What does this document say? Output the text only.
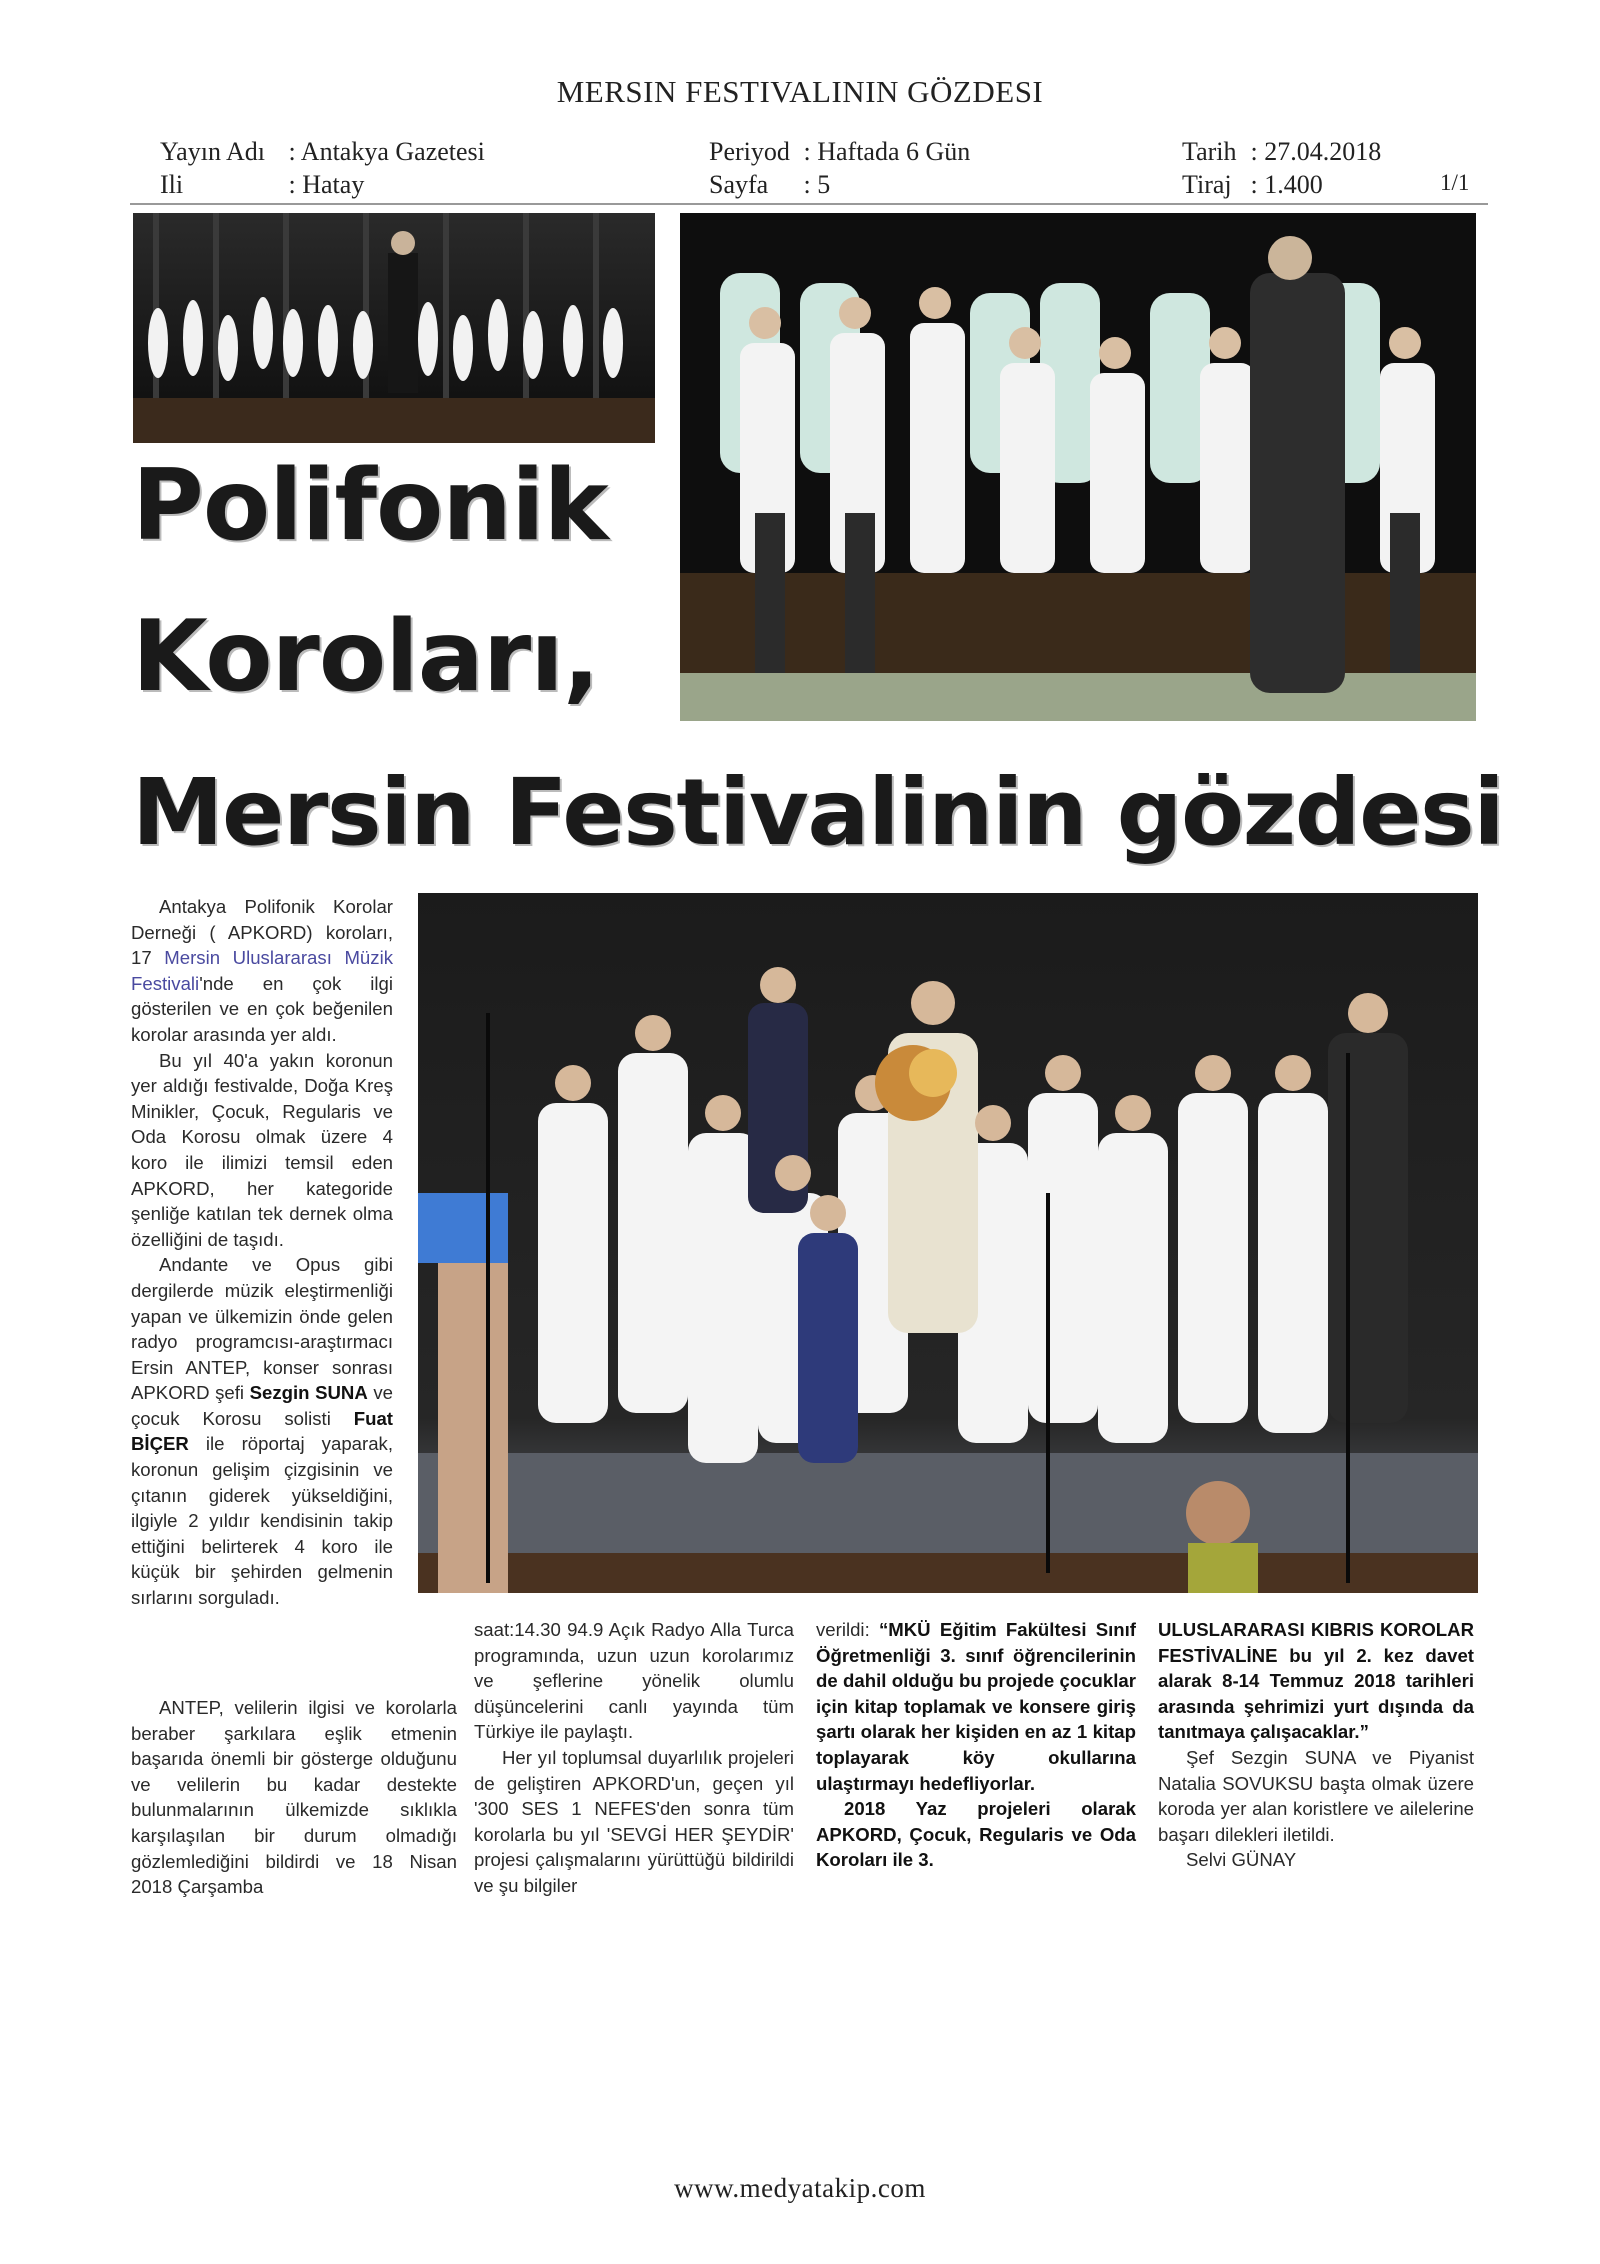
MERSIN FESTIVALININ GÖZDESI
Yayın Adı : Antakya Gazetesi
Ili	: Hatay
Periyod : Haftada 6 Gün
Sayfa : 5
Tarih : 27.04.2018
Tiraj : 1.400	1/1
Polifonik
Koroları,
Mersin Festivalinin gözdesi

Antakya Polifonik Korolar Derneği ( APKORD) koroları, 17 Mersin Uluslararası Müzik Festivali'nde en çok ilgi gösterilen ve en çok beğenilen korolar arasında yer aldı.

Bu yıl 40'a yakın koronun yer aldığı festivalde, Doğa Kreş Minikler, Çocuk, Regularis ve Oda Korosu olmak üzere 4 koro ile ilimizi temsil eden APKORD, her kategoride şenliğe katılan tek dernek olma özelliğini de taşıdı.

Andante ve Opus gibi dergilerde müzik eleştirmenliği yapan ve ülkemizin önde gelen radyo programcısı-araştırmacı Ersin ANTEP, konser sonrası APKORD şefi Sezgin SUNA ve çocuk Korosu solisti Fuat BİÇER ile röportaj yaparak, koronun gelişim çizgisinin ve çıtanın giderek yükseldiğini, ilgiyle 2 yıldır kendisinin takip ettiğini belirterek 4 koro ile küçük bir şehirden gelmenin sırlarını sorguladı.

ANTEP, velilerin ilgisi ve korolarla beraber şarkılara eşlik etmenin başarıda önemli bir gösterge olduğunu ve velilerin bu kadar destekte bulunmalarının ülkemizde sıklıkla karşılaşılan bir durum olmadığı gözlemlediğini bildirdi ve 18 Nisan 2018 Çarşamba

saat:14.30 94.9 Açık Radyo Alla Turca programında, uzun uzun korolarımız ve şeflerine yönelik olumlu düşüncelerini canlı yayında tüm Türkiye ile paylaştı.

Her yıl toplumsal duyarlılık projeleri de geliştiren APKORD'un, geçen yıl '300 SES 1 NEFES'den sonra tüm korolarla bu yıl 'SEVGİ HER ŞEYDİR' projesi çalışmalarını yürüttüğü bildirildi ve şu bilgiler

verildi: “MKÜ Eğitim Fakültesi Sınıf Öğretmenliği 3. sınıf öğrencilerinin de dahil olduğu bu projede çocuklar için kitap toplamak ve konsere giriş şartı olarak her kişiden en az 1 kitap toplayarak köy okullarına ulaştırmayı hedefliyorlar.

2018 Yaz projeleri olarak APKORD, Çocuk, Regularis ve Oda Koroları ile 3.

ULUSLARARASI KIBRIS KOROLAR FESTİVALİNE bu yıl 2. kez davet alarak 8-14 Temmuz 2018 tarihleri arasında şehrimizi yurt dışında da tanıtmaya çalışacaklar.”

Şef Sezgin SUNA ve Piyanist Natalia SOVUKSU başta olmak üzere koroda yer alan koristlere ve ailelerine başarı dilekleri iletildi.

Selvi GÜNAY

www.medyatakip.com
